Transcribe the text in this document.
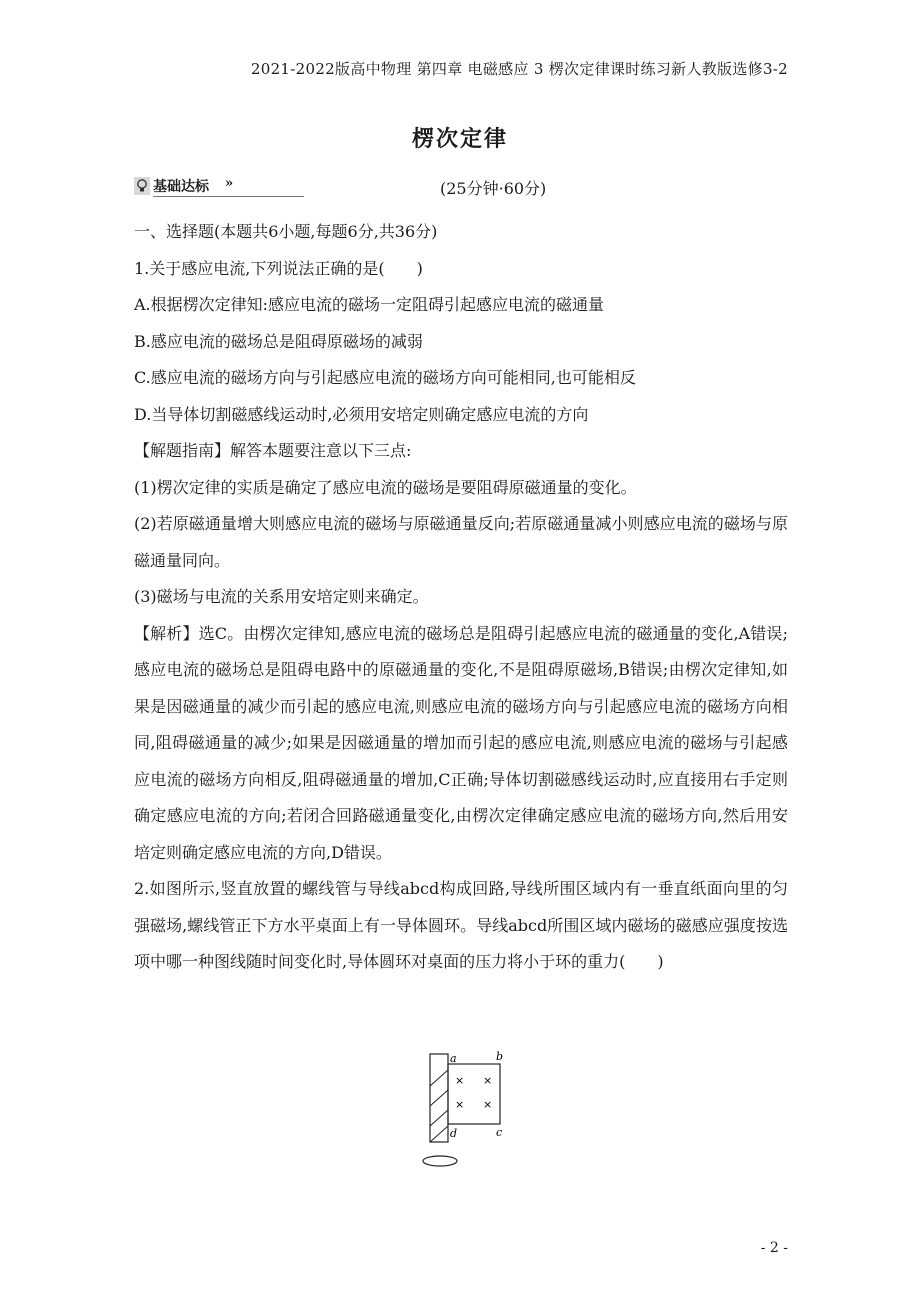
2021-2022版高中物理 第四章 电磁感应 3 楞次定律课时练习新人教版选修3-2
楞次定律
基础达标 »	(25分钟·60分)

一、选择题(本题共6小题,每题6分,共36分)

1.关于感应电流,下列说法正确的是(　　)

A.根据楞次定律知:感应电流的磁场一定阻碍引起感应电流的磁通量

B.感应电流的磁场总是阻碍原磁场的减弱

C.感应电流的磁场方向与引起感应电流的磁场方向可能相同,也可能相反

D.当导体切割磁感线运动时,必须用安培定则确定感应电流的方向

【解题指南】解答本题要注意以下三点:

(1)楞次定律的实质是确定了感应电流的磁场是要阻碍原磁通量的变化。

(2)若原磁通量增大则感应电流的磁场与原磁通量反向;若原磁通量减小则感应电流的磁场与原磁通量同向。

(3)磁场与电流的关系用安培定则来确定。

【解析】选C。由楞次定律知,感应电流的磁场总是阻碍引起感应电流的磁通量的变化,A错误;感应电流的磁场总是阻碍电路中的原磁通量的变化,不是阻碍原磁场,B错误;由楞次定律知,如果是因磁通量的减少而引起的感应电流,则感应电流的磁场方向与引起感应电流的磁场方向相同,阻碍磁通量的减少;如果是因磁通量的增加而引起的感应电流,则感应电流的磁场与引起感应电流的磁场方向相反,阻碍磁通量的增加,C正确;导体切割磁感线运动时,应直接用右手定则确定感应电流的方向;若闭合回路磁通量变化,由楞次定律确定感应电流的磁场方向,然后用安培定则确定感应电流的方向,D错误。

2.如图所示,竖直放置的螺线管与导线abcd构成回路,导线所围区域内有一垂直纸面向里的匀强磁场,螺线管正下方水平桌面上有一导体圆环。导线abcd所围区域内磁场的磁感应强度按选项中哪一种图线随时间变化时,导体圆环对桌面的压力将小于环的重力(　　)

× ×
× ×
a	b
c
d
- 2 -
